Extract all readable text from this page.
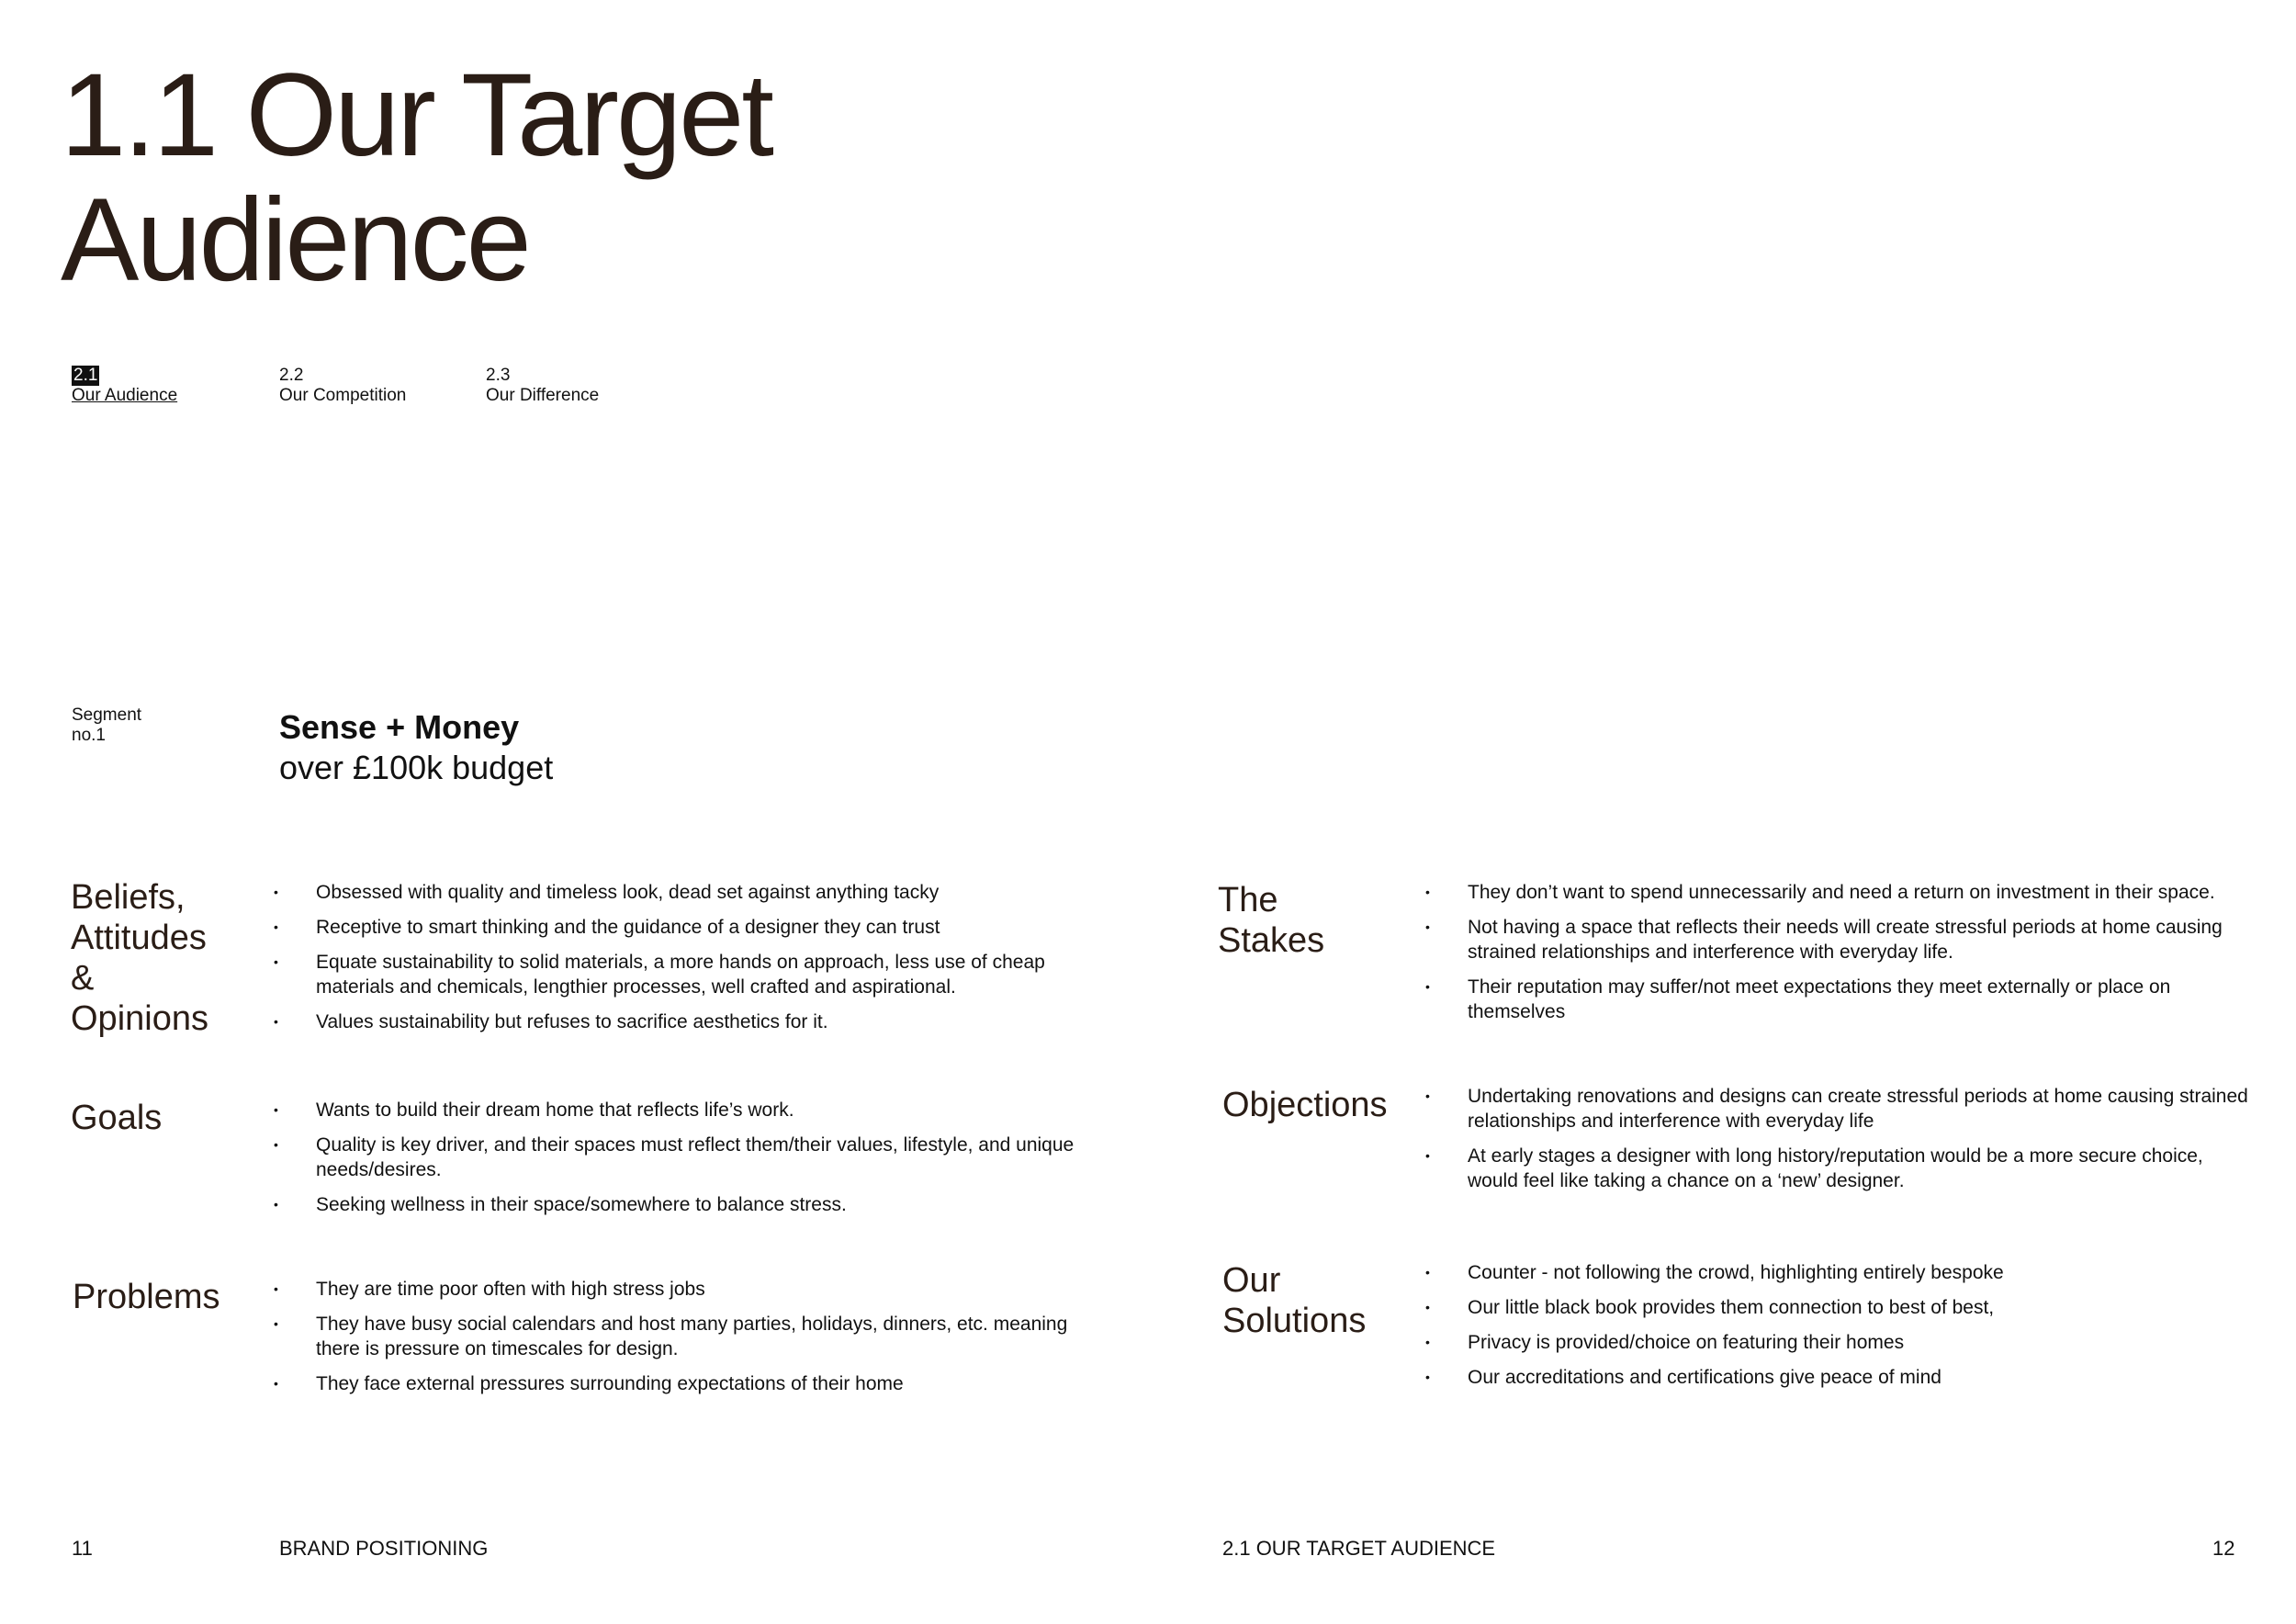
1.1 Our Target
Audience
2.1
Our Audience
2.2
Our Competition
2.3
Our Difference
Segment
no.1	Sense + Money
over £100k budget
Beliefs,
Attitudes
& Opinions
• Obsessed with quality and timeless look, dead set against anything tacky
• Receptive to smart thinking and the guidance of a designer they can trust
• Equate sustainability to solid materials, a more hands on approach, less use of cheap materials and chemicals, lengthier processes, well crafted and aspirational.
• Values sustainability but refuses to sacrifice aesthetics for it.
Goals	• Wants to build their dream home that reflects life’s work.
• Quality is key driver, and their spaces must reflect them/their values, lifestyle, and unique needs/desires.
• Seeking wellness in their space/somewhere to balance stress.
Problems	• They are time poor often with high stress jobs
• They have busy social calendars and host many parties, holidays, dinners, etc. meaning there is pressure on timescales for design.
• They face external pressures surrounding expectations of their home
The Stakes
• They don’t want to spend unnecessarily and need a return on investment in their space.
• Not having a space that reflects their needs will create stressful periods at home causing strained relationships and interference with everyday life.
• Their reputation may suffer/not meet expectations they meet externally or place on themselves
Objections	• Undertaking renovations and designs can create stressful periods at home causing strained relationships and interference with everyday life
• At early stages a designer with long history/reputation would be a more secure choice, would feel like taking a chance on a ‘new’ designer.
Our
Solutions
• Counter - not following the crowd, highlighting entirely bespoke
• Our little black book provides them connection to best of best,
• Privacy is provided/choice on featuring their homes
• Our accreditations and certifications give peace of mind
11	BRAND POSITIONING	2.1 OUR TARGET AUDIENCE	12
